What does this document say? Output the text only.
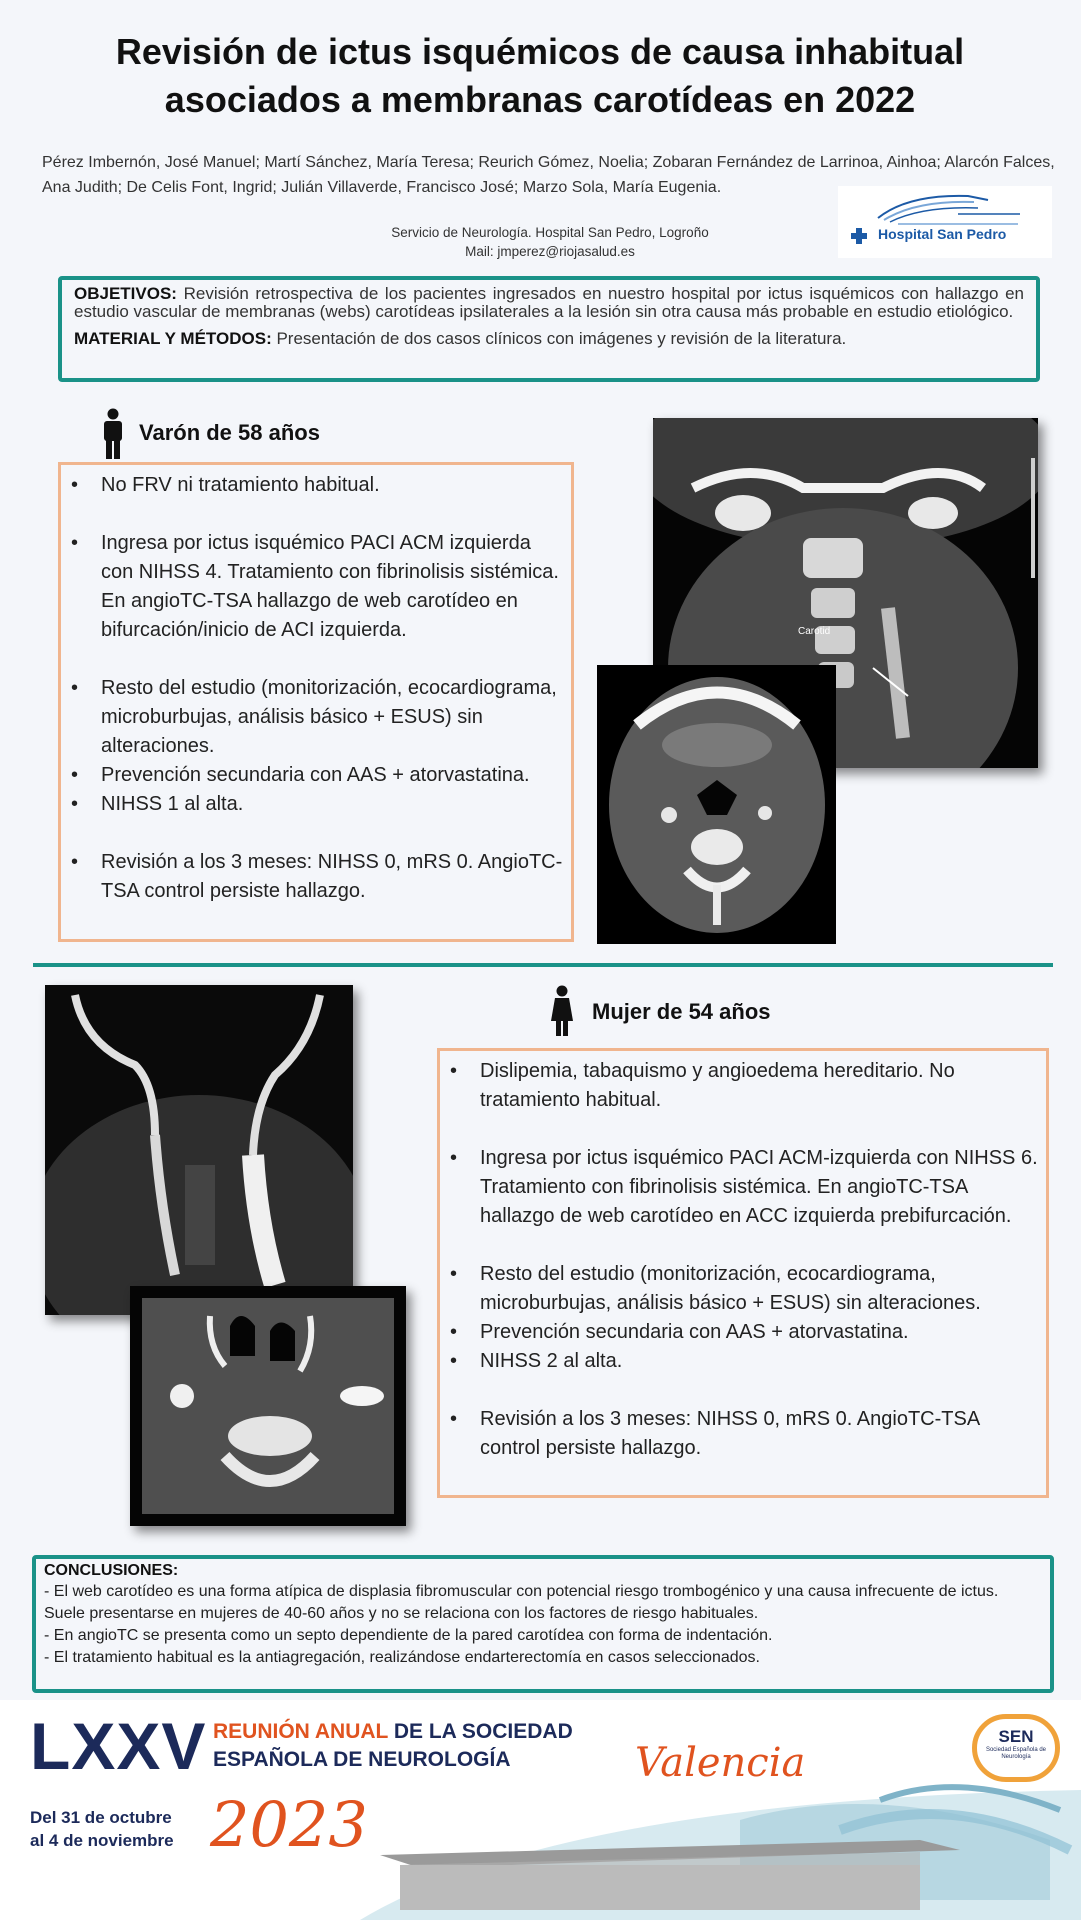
Revisión de ictus isquémicos de causa inhabitual
asociados a membranas carotídeas en 2022
Pérez Imbernón, José Manuel; Martí Sánchez, María Teresa; Reurich Gómez, Noelia; Zobaran Fernández de Larrinoa, Ainhoa; Alarcón Falces, Ana Judith; De Celis Font, Ingrid; Julián Villaverde, Francisco José; Marzo Sola, María Eugenia.
Servicio de Neurología. Hospital San Pedro, Logroño
Mail: jmperez@riojasalud.es
Hospital San Pedro

OBJETIVOS: Revisión retrospectiva de los pacientes ingresados en nuestro hospital por ictus isquémicos con hallazgo en estudio vascular de membranas (webs) carotídeas ipsilaterales a la lesión sin otra causa más probable en estudio etiológico.

MATERIAL Y MÉTODOS: Presentación de dos casos clínicos con imágenes y revisión de la literatura.

Varón de 58 años
• No FRV ni tratamiento habitual.
• Ingresa por ictus isquémico PACI ACM izquierda con NIHSS 4. Tratamiento con fibrinolisis sistémica. En angioTC-TSA hallazgo de web carotídeo en bifurcación/inicio de ACI izquierda.
• Resto del estudio (monitorización, ecocardiograma, microburbujas, análisis básico + ESUS) sin alteraciones.
• Prevención secundaria con AAS + atorvastatina.
• NIHSS 1 al alta.
• Revisión a los 3 meses: NIHSS 0, mRS 0. AngioTC-TSA control persiste hallazgo.
Carotid
Mujer de 54 años
• Dislipemia, tabaquismo y angioedema hereditario. No tratamiento habitual.
• Ingresa por ictus isquémico PACI ACM-izquierda con NIHSS 6. Tratamiento con fibrinolisis sistémica. En angioTC-TSA hallazgo de web carotídeo en ACC izquierda prebifurcación.
• Resto del estudio (monitorización, ecocardiograma, microburbujas, análisis básico + ESUS) sin alteraciones.
• Prevención secundaria con AAS + atorvastatina.
• NIHSS 2 al alta.
• Revisión a los 3 meses: NIHSS 0, mRS 0. AngioTC-TSA control persiste hallazgo.
CONCLUSIONES:
- El web carotídeo es una forma atípica de displasia fibromuscular con potencial riesgo trombogénico y una causa infrecuente de ictus. Suele presentarse en mujeres de 40-60 años y no se relaciona con los factores de riesgo habituales.
- En angioTC se presenta como un septo dependiente de la pared carotídea con forma de indentación.
- El tratamiento habitual es la antiagregación, realizándose endarterectomía en casos seleccionados.
LXXV REUNIÓN ANUAL DE LA SOCIEDAD
ESPAÑOLA DE NEUROLOGÍA
Del 31 de octubre
al 4 de noviembre 2023
Valencia
SEN
Sociedad Española de Neurología
